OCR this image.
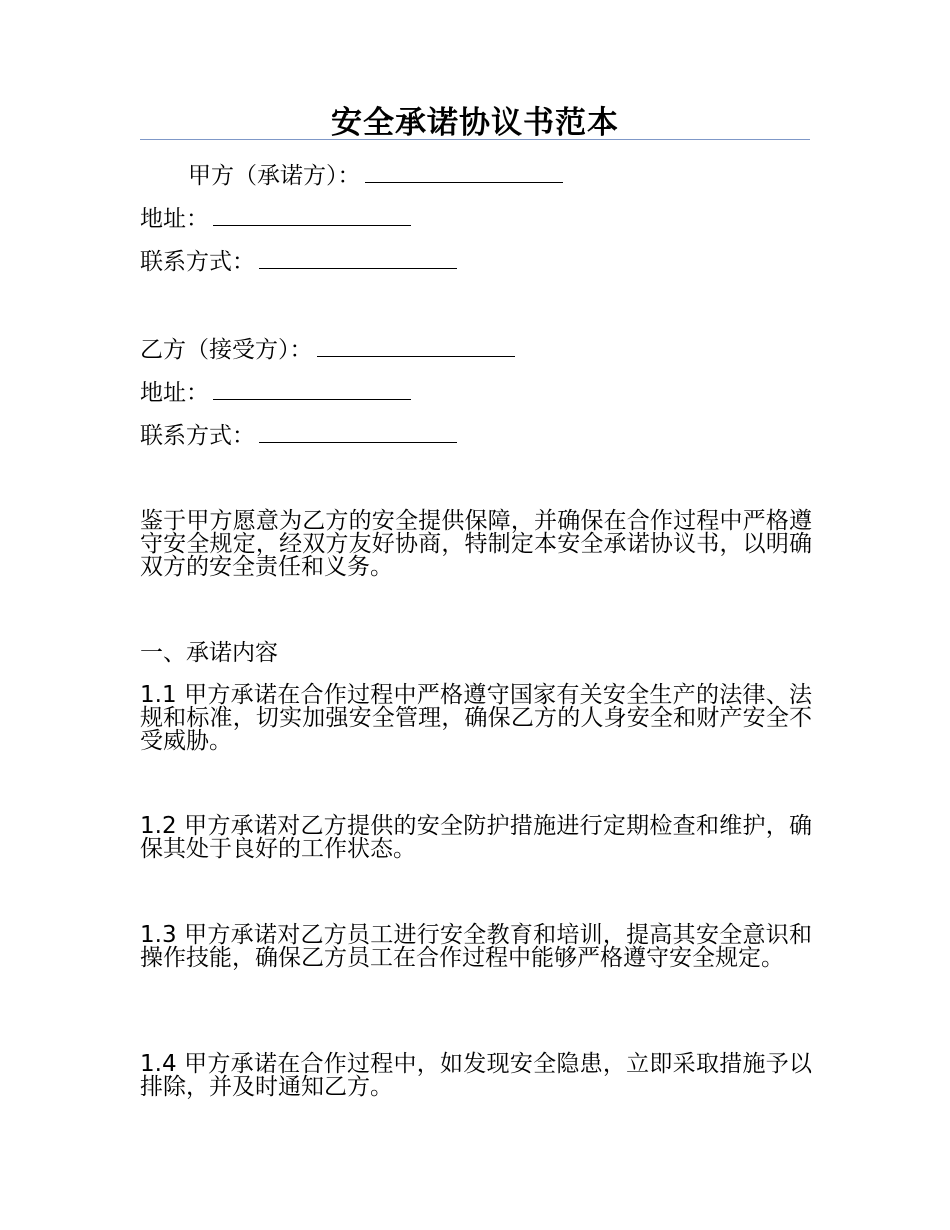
安全承诺协议书范本
甲方（承诺方）：
地址：
联系方式：
乙方（接受方）：
地址：
联系方式：
鉴于甲方愿意为乙方的安全提供保障，并确保在合作过程中严格遵守安全规定，经双方友好协商，特制定本安全承诺协议书，以明确双方的安全责任和义务。
一、承诺内容
1.1 甲方承诺在合作过程中严格遵守国家有关安全生产的法律、法规和标准，切实加强安全管理，确保乙方的人身安全和财产安全不受威胁。
1.2 甲方承诺对乙方提供的安全防护措施进行定期检查和维护，确保其处于良好的工作状态。
1.3 甲方承诺对乙方员工进行安全教育和培训，提高其安全意识和操作技能，确保乙方员工在合作过程中能够严格遵守安全规定。
1.4 甲方承诺在合作过程中，如发现安全隐患，立即采取措施予以排除，并及时通知乙方。
